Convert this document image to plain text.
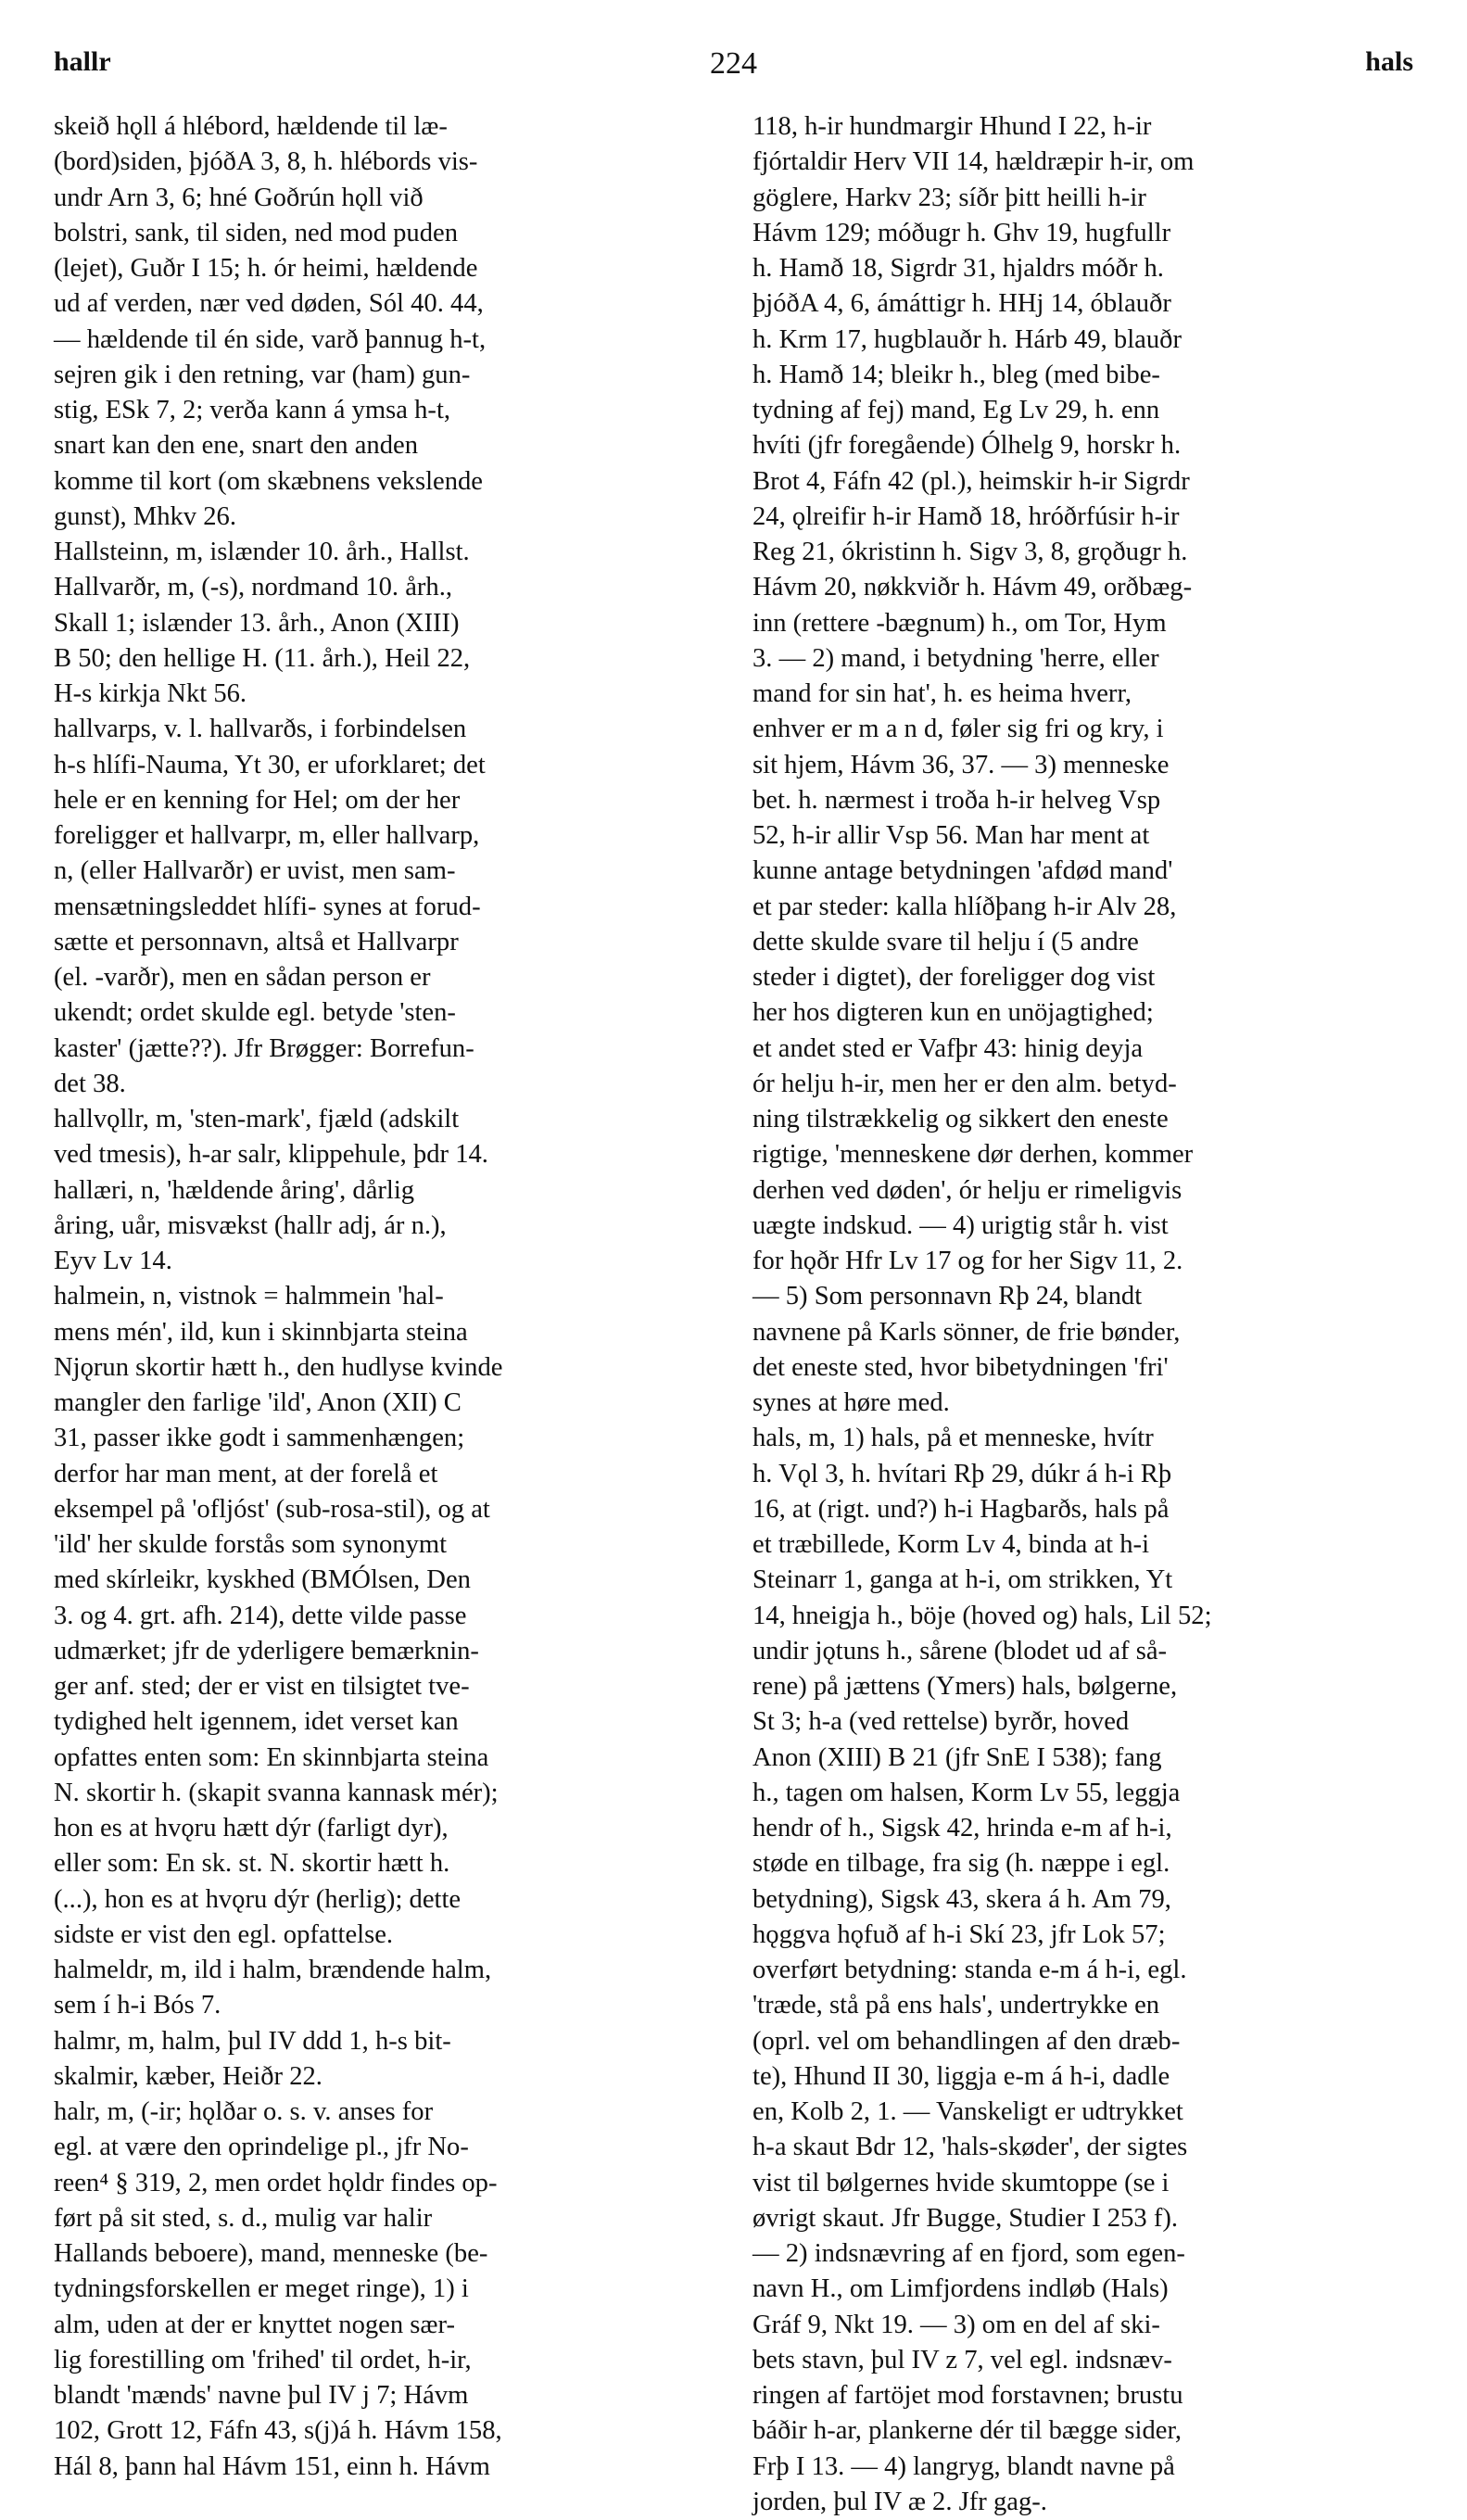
hallr	224	hals

skeið hǫll á hlébord, hældende til læ-

(bord)siden, þjóðA 3, 8, h. hlébords vis-

undr Arn 3, 6; hné Goðrún hǫll við

bolstri, sank, til siden, ned mod puden

(lejet), Guðr I 15; h. ór heimi, hældende

ud af verden, nær ved døden, Sól 40. 44,

— hældende til én side, varð þannug h-t,

sejren gik i den retning, var (ham) gun-

stig, ESk 7, 2; verða kann á ymsa h-t,

snart kan den ene, snart den anden

komme til kort (om skæbnens vekslende

gunst), Mhkv 26.

Hallsteinn, m, islænder 10. årh., Hallst.

Hallvarðr, m, (-s), nordmand 10. årh.,

Skall 1; islænder 13. årh., Anon (XIII)

B 50; den hellige H. (11. årh.), Heil 22,

H-s kirkja Nkt 56.

hallvarps, v. l. hallvarðs, i forbindelsen

h-s hlífi-Nauma, Yt 30, er uforklaret; det

hele er en kenning for Hel; om der her

foreligger et hallvarpr, m, eller hallvarp,

n, (eller Hallvarðr) er uvist, men sam-

mensætningsleddet hlífi- synes at forud-

sætte et personnavn, altså et Hallvarpr

(el. -varðr), men en sådan person er

ukendt; ordet skulde egl. betyde 'sten-

kaster' (jætte??). Jfr Brøgger: Borrefun-

det 38.

hallvǫllr, m, 'sten-mark', fjæld (adskilt

ved tmesis), h-ar salr, klippehule, þdr 14.

hallæri, n, 'hældende åring', dårlig

åring, uår, misvækst (hallr adj, ár n.),

Eyv Lv 14.

halmein, n, vistnok = halmmein 'hal-

mens mén', ild, kun i skinnbjarta steina

Njǫrun skortir hætt h., den hudlyse kvinde

mangler den farlige 'ild', Anon (XII) C

31, passer ikke godt i sammenhængen;

derfor har man ment, at der forelå et

eksempel på 'ofljóst' (sub-rosa-stil), og at

'ild' her skulde forstås som synonymt

med skírleikr, kyskhed (BMÓlsen, Den

3. og 4. grt. afh. 214), dette vilde passe

udmærket; jfr de yderligere bemærknin-

ger anf. sted; der er vist en tilsigtet tve-

tydighed helt igennem, idet verset kan

opfattes enten som: En skinnbjarta steina

N. skortir h. (skapit svanna kannask mér);

hon es at hvǫru hætt dýr (farligt dyr),

eller som: En sk. st. N. skortir hætt h.

(...), hon es at hvǫru dýr (herlig); dette

sidste er vist den egl. opfattelse.

halmeldr, m, ild i halm, brændende halm,

sem í h-i Bós 7.

halmr, m, halm, þul IV ddd 1, h-s bit-

skalmir, kæber, Heiðr 22.

halr, m, (-ir; hǫlðar o. s. v. anses for

egl. at være den oprindelige pl., jfr No-

reen⁴ § 319, 2, men ordet hǫldr findes op-

ført på sit sted, s. d., mulig var halir

Hallands beboere), mand, menneske (be-

tydningsforskellen er meget ringe), 1) i

alm, uden at der er knyttet nogen sær-

lig forestilling om 'frihed' til ordet, h-ir,

blandt 'mænds' navne þul IV j 7; Hávm

102, Grott 12, Fáfn 43, s(j)á h. Hávm 158,

Hál 8, þann hal Hávm 151, einn h. Hávm

118, h-ir hundmargir Hhund I 22, h-ir

fjórtaldir Herv VII 14, hældræpir h-ir, om

göglere, Harkv 23; síðr þitt heilli h-ir

Hávm 129; móðugr h. Ghv 19, hugfullr

h. Hamð 18, Sigrdr 31, hjaldrs móðr h.

þjóðA 4, 6, ámáttigr h. HHj 14, óblauðr

h. Krm 17, hugblauðr h. Hárb 49, blauðr

h. Hamð 14; bleikr h., bleg (med bibe-

tydning af fej) mand, Eg Lv 29, h. enn

hvíti (jfr foregående) Ólhelg 9, horskr h.

Brot 4, Fáfn 42 (pl.), heimskir h-ir Sigrdr

24, ǫlreifir h-ir Hamð 18, hróðrfúsir h-ir

Reg 21, ókristinn h. Sigv 3, 8, grǫðugr h.

Hávm 20, nøkkviðr h. Hávm 49, orðbæg-

inn (rettere -bægnum) h., om Tor, Hym

3. — 2) mand, i betydning 'herre, eller

mand for sin hat', h. es heima hverr,

enhver er m a n d, føler sig fri og kry, i

sit hjem, Hávm 36, 37. — 3) menneske

bet. h. nærmest i troða h-ir helveg Vsp

52, h-ir allir Vsp 56. Man har ment at

kunne antage betydningen 'afdød mand'

et par steder: kalla hlíðþang h-ir Alv 28,

dette skulde svare til helju í (5 andre

steder i digtet), der foreligger dog vist

her hos digteren kun en unöjagtighed;

et andet sted er Vafþr 43: hinig deyja

ór helju h-ir, men her er den alm. betyd-

ning tilstrækkelig og sikkert den eneste

rigtige, 'menneskene dør derhen, kommer

derhen ved døden', ór helju er rimeligvis

uægte indskud. — 4) urigtig står h. vist

for hǫðr Hfr Lv 17 og for her Sigv 11, 2.

— 5) Som personnavn Rþ 24, blandt

navnene på Karls sönner, de frie bønder,

det eneste sted, hvor bibetydningen 'fri'

synes at høre med.

hals, m, 1) hals, på et menneske, hvítr

h. Vǫl 3, h. hvítari Rþ 29, dúkr á h-i Rþ

16, at (rigt. und?) h-i Hagbarðs, hals på

et træbillede, Korm Lv 4, binda at h-i

Steinarr 1, ganga at h-i, om strikken, Yt

14, hneigja h., böje (hoved og) hals, Lil 52;

undir jǫtuns h., sårene (blodet ud af så-

rene) på jættens (Ymers) hals, bølgerne,

St 3; h-a (ved rettelse) byrðr, hoved

Anon (XIII) B 21 (jfr SnE I 538); fang

h., tagen om halsen, Korm Lv 55, leggja

hendr of h., Sigsk 42, hrinda e-m af h-i,

støde en tilbage, fra sig (h. næppe i egl.

betydning), Sigsk 43, skera á h. Am 79,

hǫggva hǫfuð af h-i Skí 23, jfr Lok 57;

overført betydning: standa e-m á h-i, egl.

'træde, stå på ens hals', undertrykke en

(oprl. vel om behandlingen af den dræb-

te), Hhund II 30, liggja e-m á h-i, dadle

en, Kolb 2, 1. — Vanskeligt er udtrykket

h-a skaut Bdr 12, 'hals-skøder', der sigtes

vist til bølgernes hvide skumtoppe (se i

øvrigt skaut. Jfr Bugge, Studier I 253 f).

— 2) indsnævring af en fjord, som egen-

navn H., om Limfjordens indløb (Hals)

Gráf 9, Nkt 19. — 3) om en del af ski-

bets stavn, þul IV z 7, vel egl. indsnæv-

ringen af fartöjet mod forstavnen; brustu

báðir h-ar, plankerne dér til bægge sider,

Frþ I 13. — 4) langryg, blandt navne på

jorden, þul IV æ 2. Jfr gag-.
